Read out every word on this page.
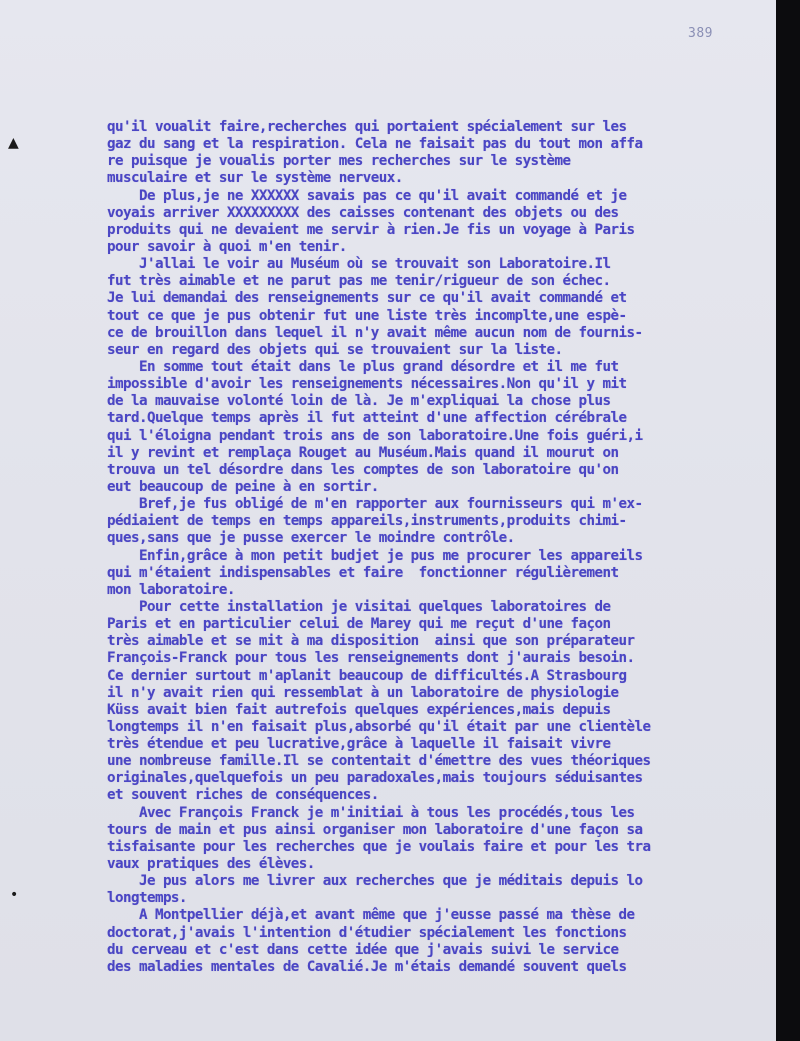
389
▲
•
qu'il voualit faire,recherches qui portaient spécialement sur les
gaz du sang et la respiration. Cela ne faisait pas du tout mon affa
re puisque je voualis porter mes recherches sur le système
musculaire et sur le système nerveux.
De plus,je ne XXXXXX savais pas ce qu'il avait commandé et je
voyais arriver XXXXXXXXX des caisses contenant des objets ou des
produits qui ne devaient me servir à rien.Je fis un voyage à Paris
pour savoir à quoi m'en tenir.
J'allai le voir au Muséum où se trouvait son Laboratoire.Il
fut très aimable et ne parut pas me tenir/rigueur de son échec.
Je lui demandai des renseignements sur ce qu'il avait commandé et
tout ce que je pus obtenir fut une liste très incomplte,une espè-
ce de brouillon dans lequel il n'y avait même aucun nom de fournis-
seur en regard des objets qui se trouvaient sur la liste.
En somme tout était dans le plus grand désordre et il me fut
impossible d'avoir les renseignements nécessaires.Non qu'il y mit
de la mauvaise volonté loin de là. Je m'expliquai la chose plus
tard.Quelque temps après il fut atteint d'une affection cérébrale
qui l'éloigna pendant trois ans de son laboratoire.Une fois guéri,i
il y revint et remplaça Rouget au Muséum.Mais quand il mourut on
trouva un tel désordre dans les comptes de son laboratoire qu'on
eut beaucoup de peine à en sortir.
Bref,je fus obligé de m'en rapporter aux fournisseurs qui m'ex-
pédiaient de temps en temps appareils,instruments,produits chimi-
ques,sans que je pusse exercer le moindre contrôle.
Enfin,grâce à mon petit budjet je pus me procurer les appareils
qui m'étaient indispensables et faire  fonctionner régulièrement
mon laboratoire.
Pour cette installation je visitai quelques laboratoires de
Paris et en particulier celui de Marey qui me reçut d'une façon
très aimable et se mit à ma disposition  ainsi que son préparateur
François-Franck pour tous les renseignements dont j'aurais besoin.
Ce dernier surtout m'aplanit beaucoup de difficultés.A Strasbourg
il n'y avait rien qui ressemblat à un laboratoire de physiologie
Küss avait bien fait autrefois quelques expériences,mais depuis
longtemps il n'en faisait plus,absorbé qu'il était par une clientèle
très étendue et peu lucrative,grâce à laquelle il faisait vivre
une nombreuse famille.Il se contentait d'émettre des vues théoriques
originales,quelquefois un peu paradoxales,mais toujours séduisantes
et souvent riches de conséquences.
Avec François Franck je m'initiai à tous les procédés,tous les
tours de main et pus ainsi organiser mon laboratoire d'une façon sa
tisfaisante pour les recherches que je voulais faire et pour les tra
vaux pratiques des élèves.
Je pus alors me livrer aux recherches que je méditais depuis lo
longtemps.
A Montpellier déjà,et avant même que j'eusse passé ma thèse de
doctorat,j'avais l'intention d'étudier spécialement les fonctions
du cerveau et c'est dans cette idée que j'avais suivi le service
des maladies mentales de Cavalié.Je m'étais demandé souvent quels
